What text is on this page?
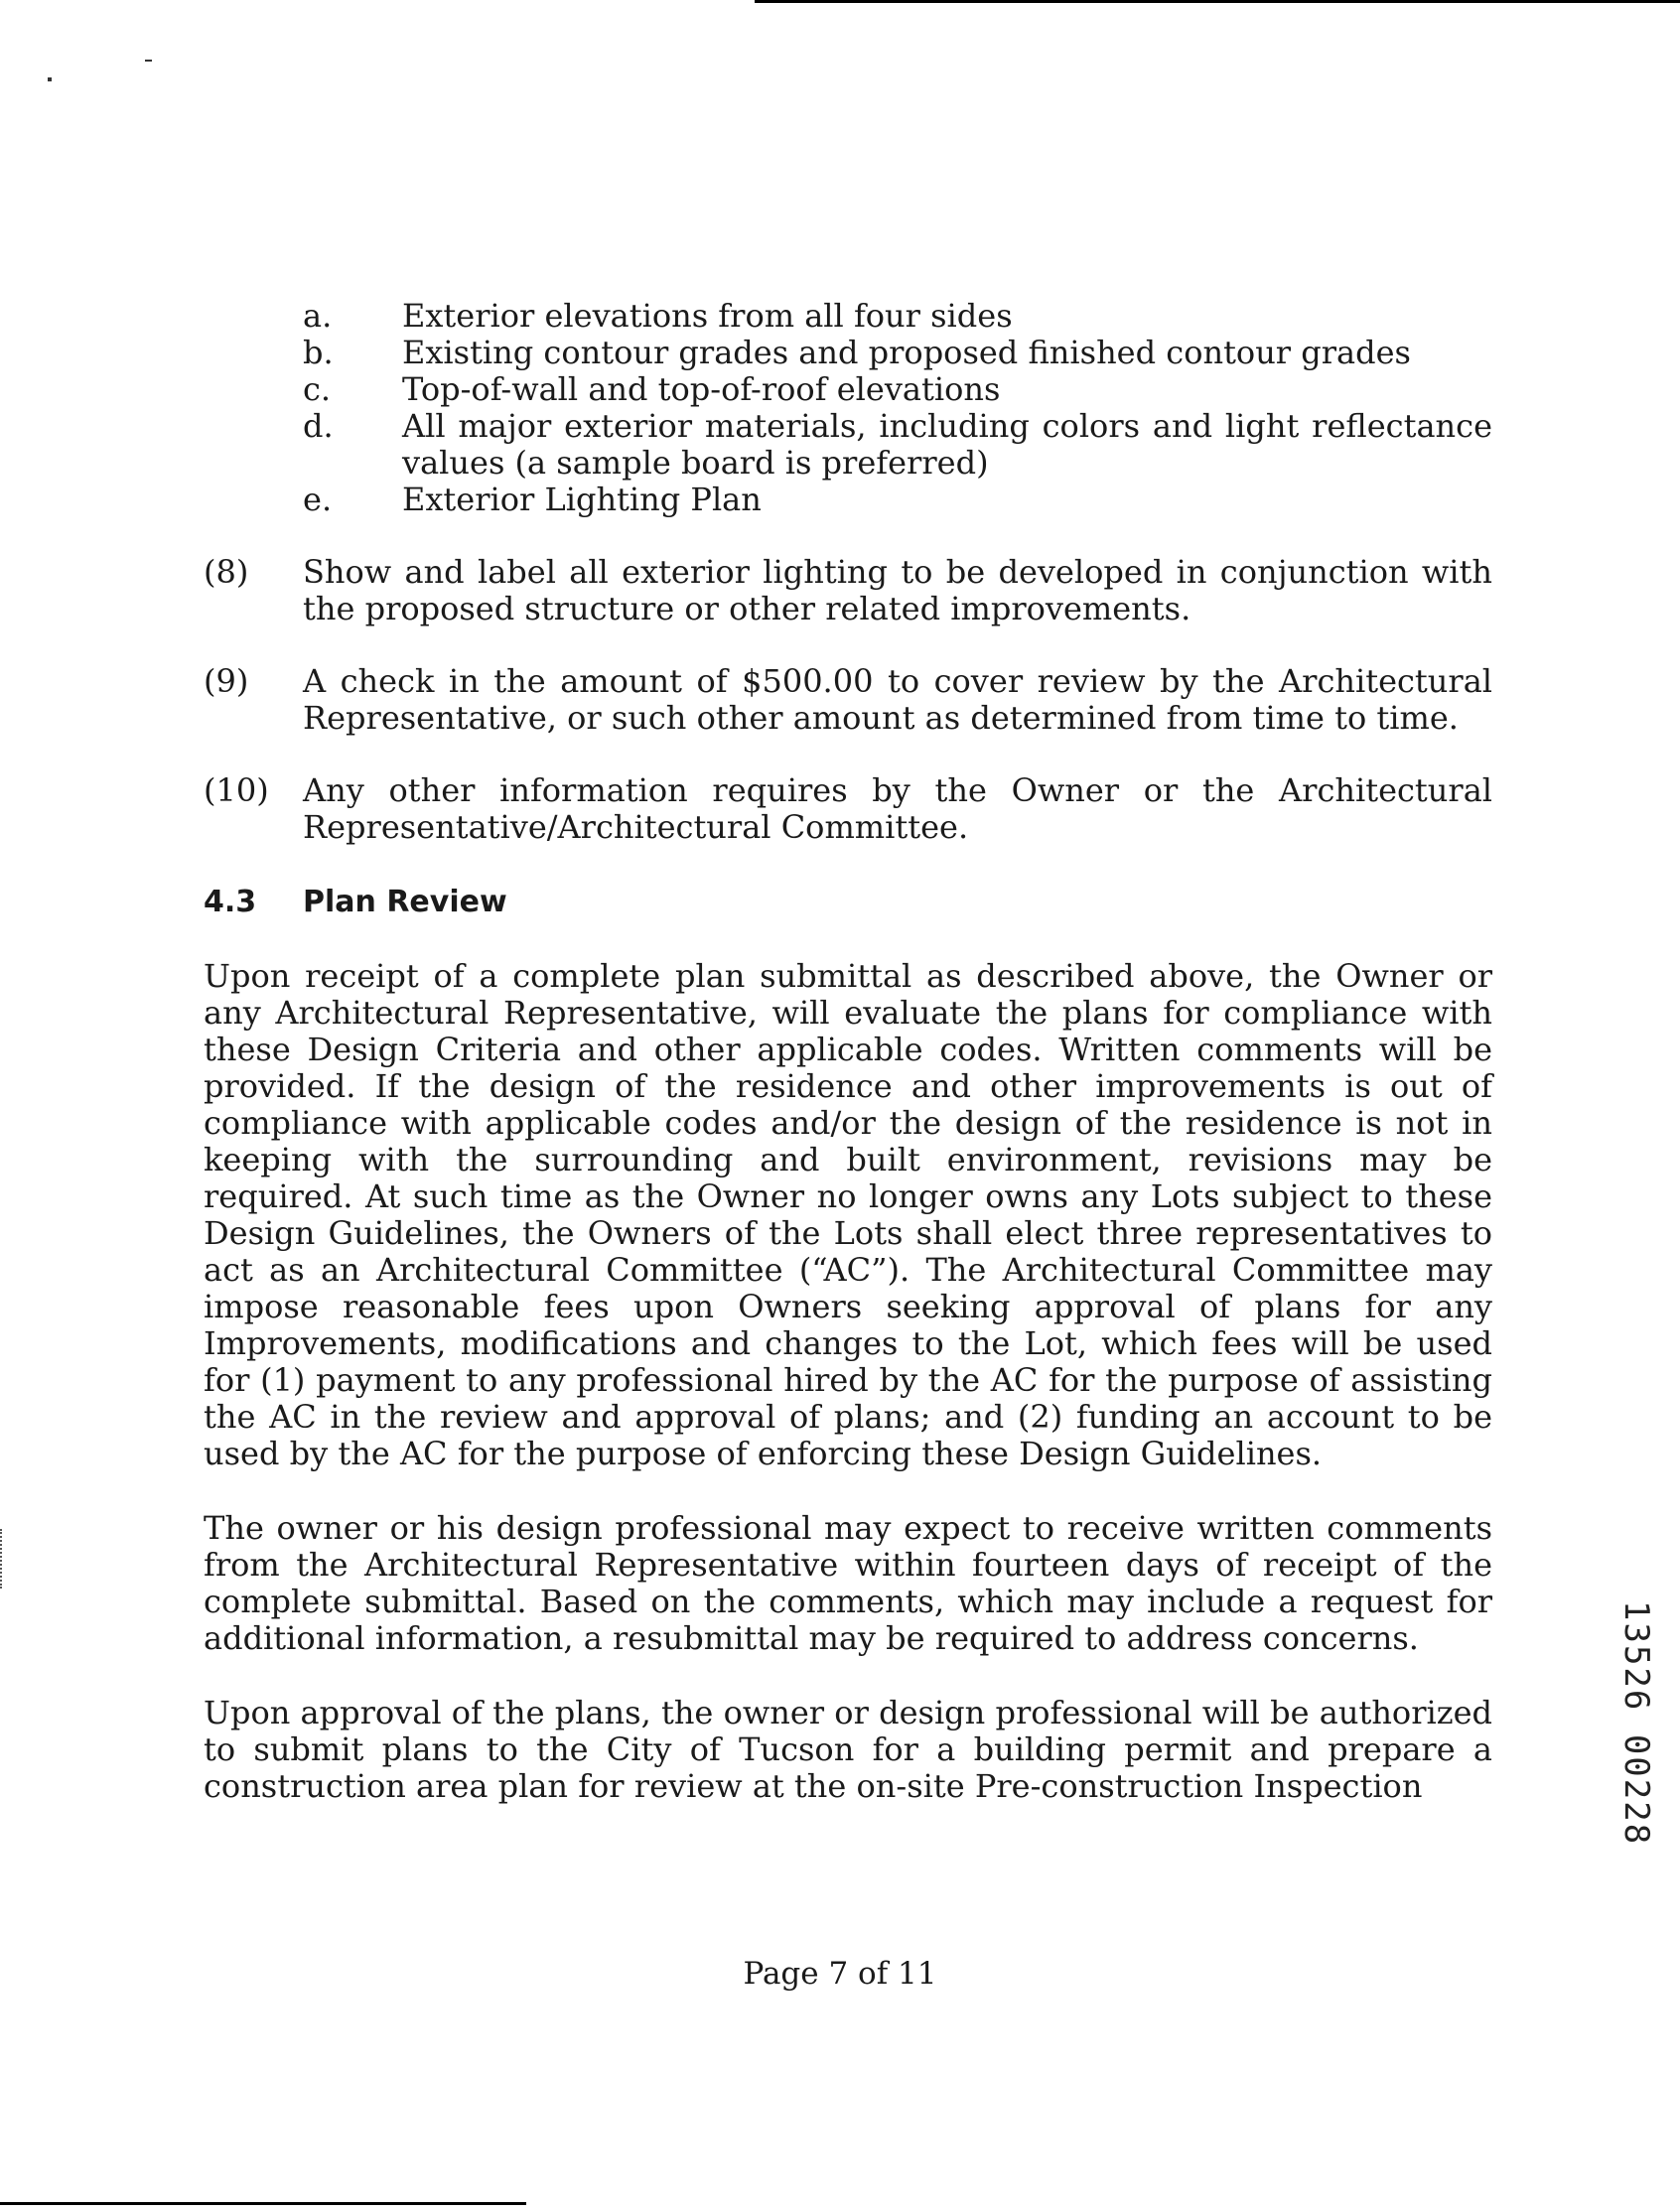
a.	Exterior elevations from all four sides
b.	Existing contour grades and proposed finished contour grades
c.	Top-of-wall and top-of-roof elevations
d.	All major exterior materials, including colors and light reflectance values (a sample board is preferred)
e.	Exterior Lighting Plan
(8)	Show and label all exterior lighting to be developed in conjunction with the proposed structure or other related improvements.
(9)	A check in the amount of $500.00 to cover review by the Architectural Representative, or such other amount as determined from time to time.
(10)	Any other information requires by the Owner or the Architectural Representative/Architectural Committee.
4.3	Plan Review

Upon receipt of a complete plan submittal as described above, the Owner or any Architectural Representative, will evaluate the plans for compliance with these Design Criteria and other applicable codes. Written comments will be provided. If the design of the residence and other improvements is out of compliance with applicable codes and/or the design of the residence is not in keeping with the surrounding and built environment, revisions may be required. At such time as the Owner no longer owns any Lots subject to these Design Guidelines, the Owners of the Lots shall elect three representatives to act as an Architectural Committee (“AC”). The Architectural Committee may impose reasonable fees upon Owners seeking approval of plans for any Improvements, modifications and changes to the Lot, which fees will be used for (1) payment to any professional hired by the AC for the purpose of assisting the AC in the review and approval of plans; and (2) funding an account to be used by the AC for the purpose of enforcing these Design Guidelines.

The owner or his design professional may expect to receive written comments from the Architectural Representative within fourteen days of receipt of the complete submittal. Based on the comments, which may include a request for additional information, a resubmittal may be required to address concerns.

Upon approval of the plans, the owner or design professional will be authorized to submit plans to the City of Tucson for a building permit and prepare a construction area plan for review at the on-site Pre-construction Inspection

Page 7 of 11
13526 00228
